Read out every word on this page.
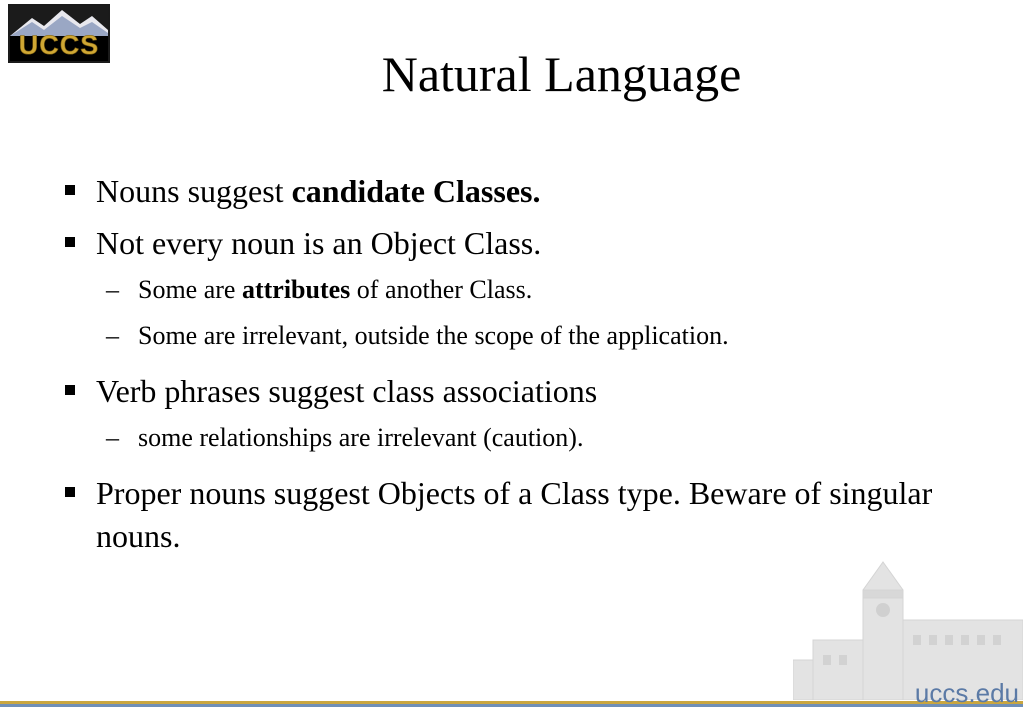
UCCS
Natural Language
Nouns suggest candidate Classes.
Not every noun is an Object Class.
– Some are attributes of another Class.
– Some are irrelevant, outside the scope of the application.
Verb phrases suggest class associations
– some relationships are irrelevant (caution).
Proper nouns suggest Objects of a Class type. Beware of singular nouns.
uccs.edu
